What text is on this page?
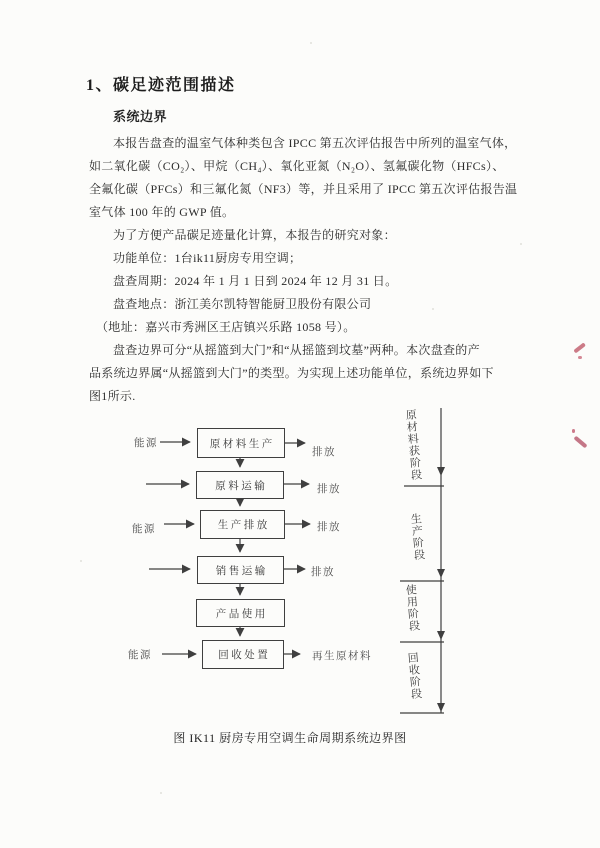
1、碳足迹范围描述
系统边界
本报告盘查的温室气体种类包含 IPCC 第五次评估报告中所列的温室气体，
如二氧化碳（CO₂）、甲烷（CH₄）、氧化亚氮（N₂O）、氢氟碳化物（HFCs）、
全氟化碳（PFCs）和三氟化氮（NF3）等，并且采用了 IPCC 第五次评估报告温
室气体 100 年的 GWP 值。
为了方便产品碳足迹量化计算，本报告的研究对象：
功能单位：1台ik11厨房专用空调；
盘查周期：2024 年 1 月 1 日到 2024 年 12 月 31 日。
盘查地点：浙江美尔凯特智能厨卫股份有限公司
（地址：嘉兴市秀洲区王店镇兴乐路 1058 号）。
盘查边界可分“从摇篮到大门”和“从摇篮到坟墓”两种。本次盘查的产
品系统边界属“从摇篮到大门”的类型。为实现上述功能单位，系统边界如下
图1所示.
原材料生产
原料运输
生产排放
销售运输
产品使用
回收处置
能源
能源
能源
排放
排放
排放
排放
再生原材料
原材料获阶段
生产阶段
使用阶段
回收阶段
图 IK11 厨房专用空调生命周期系统边界图
